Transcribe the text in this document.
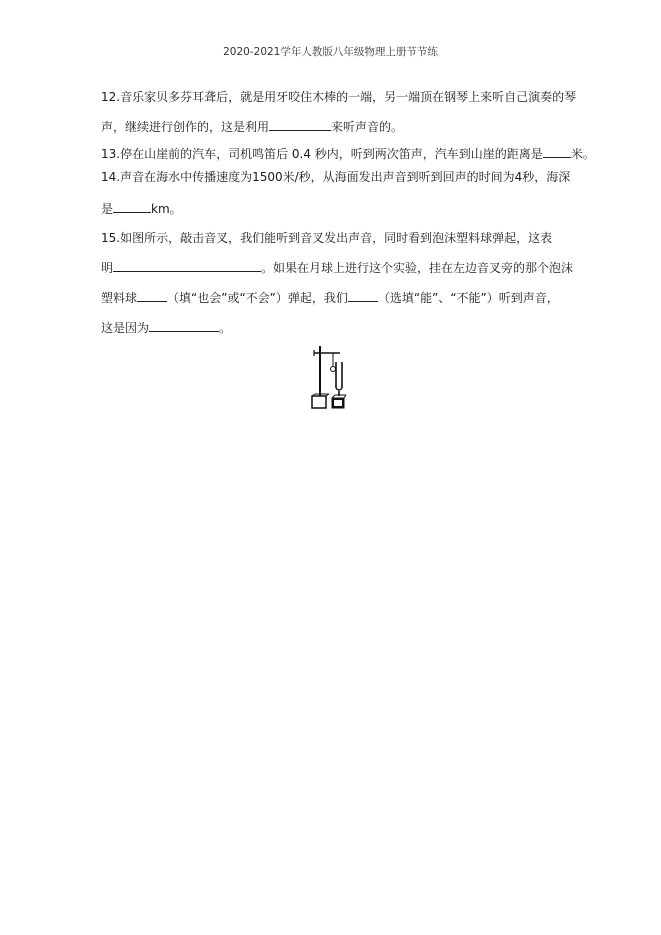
2020-2021学年人教版八年级物理上册节节练
12.音乐家贝多芬耳聋后，就是用牙咬住木棒的一端，另一端顶在钢琴上来听自己演奏的琴
声，继续进行创作的，这是利用	来听声音的。
13.停在山崖前的汽车，司机鸣笛后 0.4 秒内，听到两次笛声，汽车到山崖的距离是 米。
14.声音在海水中传播速度为1500米/秒，从海面发出声音到听到回声的时间为4秒，海深
是	km。
15.如图所示，敲击音叉，我们能听到音叉发出声音，同时看到泡沫塑料球弹起，这表
明	。如果在月球上进行这个实验，挂在左边音叉旁的那个泡沫
塑料球	（填“也会”或“不会”）弹起，我们	（选填“能”、“不能”）听到声音，
这是因为	。
